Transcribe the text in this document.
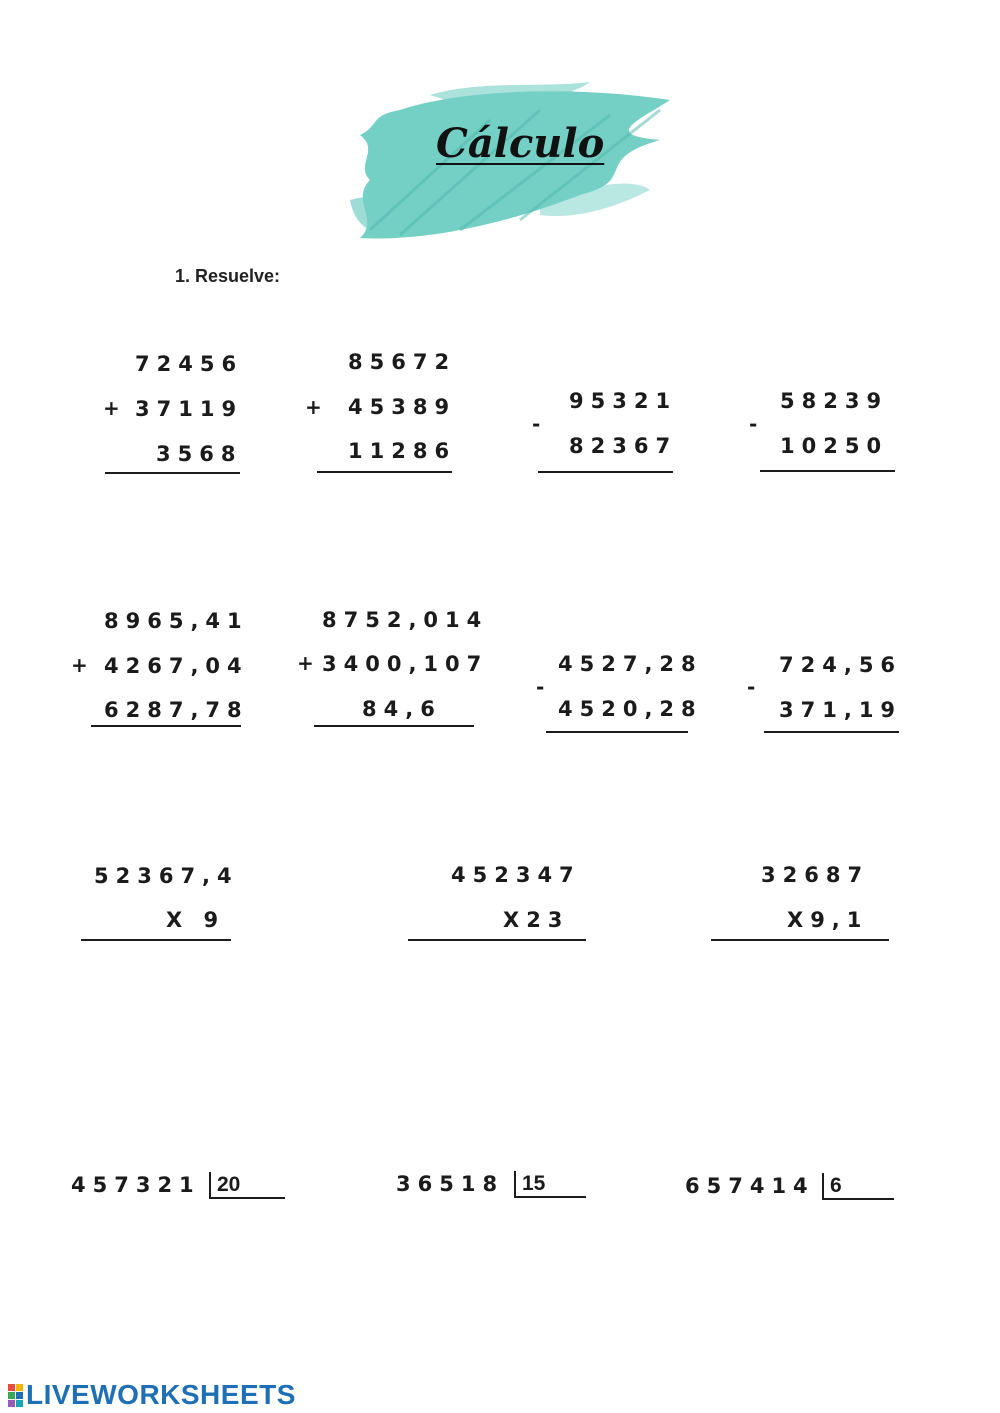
Cálculo
1. Resuelve:
72456
+ 37119
3568
85672
+ 45389
11286
95321
-
82367
58239
-
10250
8965,41
+ 4267,04
6287,78
8752,014
+ 3400,107
84,6
4527,28
-
4520,28
724,56
-
371,19
52367,4
X 9
452347
X23
32687
X9,1
457321 20	36518 15	657414 6
LIVEWORKSHEETS
